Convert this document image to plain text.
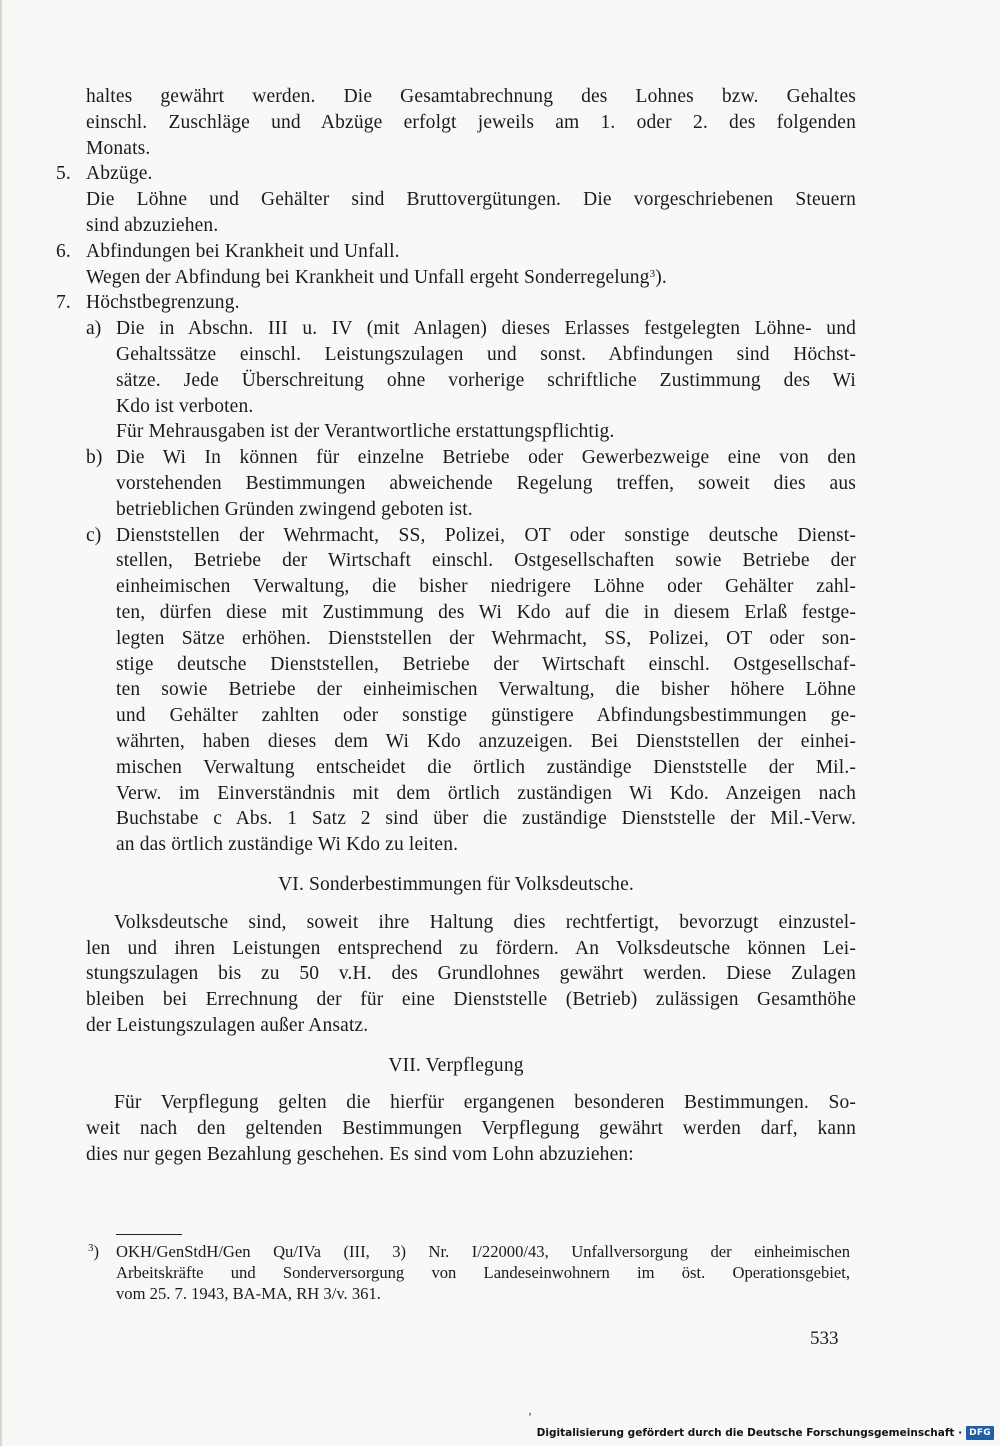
haltes gewährt werden. Die Gesamtabrechnung des Lohnes bzw. Gehaltes
einschl. Zuschläge und Abzüge erfolgt jeweils am 1. oder 2. des folgenden
Monats.
5. Abzüge.
Die Löhne und Gehälter sind Bruttovergütungen. Die vorgeschriebenen Steuern
sind abzuziehen.
6. Abfindungen bei Krankheit und Unfall.
Wegen der Abfindung bei Krankheit und Unfall ergeht Sonderregelung$^3$).
7. Höchstbegrenzung.
a) Die in Abschn. III u. IV (mit Anlagen) dieses Erlasses festgelegten Löhne- und
Gehaltssätze einschl. Leistungszulagen und sonst. Abfindungen sind Höchst-
sätze. Jede Überschreitung ohne vorherige schriftliche Zustimmung des Wi
Kdo ist verboten.
Für Mehrausgaben ist der Verantwortliche erstattungspflichtig.
b) Die Wi In können für einzelne Betriebe oder Gewerbezweige eine von den
vorstehenden Bestimmungen abweichende Regelung treffen, soweit dies aus
betrieblichen Gründen zwingend geboten ist.
c) Dienststellen der Wehrmacht, SS, Polizei, OT oder sonstige deutsche Dienst-
stellen, Betriebe der Wirtschaft einschl. Ostgesellschaften sowie Betriebe der
einheimischen Verwaltung, die bisher niedrigere Löhne oder Gehälter zahl-
ten, dürfen diese mit Zustimmung des Wi Kdo auf die in diesem Erlaß festge-
legten Sätze erhöhen. Dienststellen der Wehrmacht, SS, Polizei, OT oder son-
stige deutsche Dienststellen, Betriebe der Wirtschaft einschl. Ostgesellschaf-
ten sowie Betriebe der einheimischen Verwaltung, die bisher höhere Löhne
und Gehälter zahlten oder sonstige günstigere Abfindungsbestimmungen ge-
währten, haben dieses dem Wi Kdo anzuzeigen. Bei Dienststellen der einhei-
mischen Verwaltung entscheidet die örtlich zuständige Dienststelle der Mil.-
Verw. im Einverständnis mit dem örtlich zuständigen Wi Kdo. Anzeigen nach
Buchstabe c Abs. 1 Satz 2 sind über die zuständige Dienststelle der Mil.-Verw.
an das örtlich zuständige Wi Kdo zu leiten.
VI. Sonderbestimmungen für Volksdeutsche.
Volksdeutsche sind, soweit ihre Haltung dies rechtfertigt, bevorzugt einzustel-
len und ihren Leistungen entsprechend zu fördern. An Volksdeutsche können Lei-
stungszulagen bis zu 50 v.H. des Grundlohnes gewährt werden. Diese Zulagen
bleiben bei Errechnung der für eine Dienststelle (Betrieb) zulässigen Gesamthöhe
der Leistungszulagen außer Ansatz.
VII. Verpflegung
Für Verpflegung gelten die hierfür ergangenen besonderen Bestimmungen. So-
weit nach den geltenden Bestimmungen Verpflegung gewährt werden darf, kann
dies nur gegen Bezahlung geschehen. Es sind vom Lohn abzuziehen:
$^3$) OKH/GenStdH/Gen Qu/IVa (III, 3) Nr. I/22000/43, Unfallversorgung der einheimischen
Arbeitskräfte und Sonderversorgung von Landeseinwohnern im öst. Operationsgebiet,
vom 25. 7. 1943, BA-MA, RH 3/v. 361.
533
ʼ
Digitalisierung gefördert durch die Deutsche Forschungsgemeinschaft · DFG
